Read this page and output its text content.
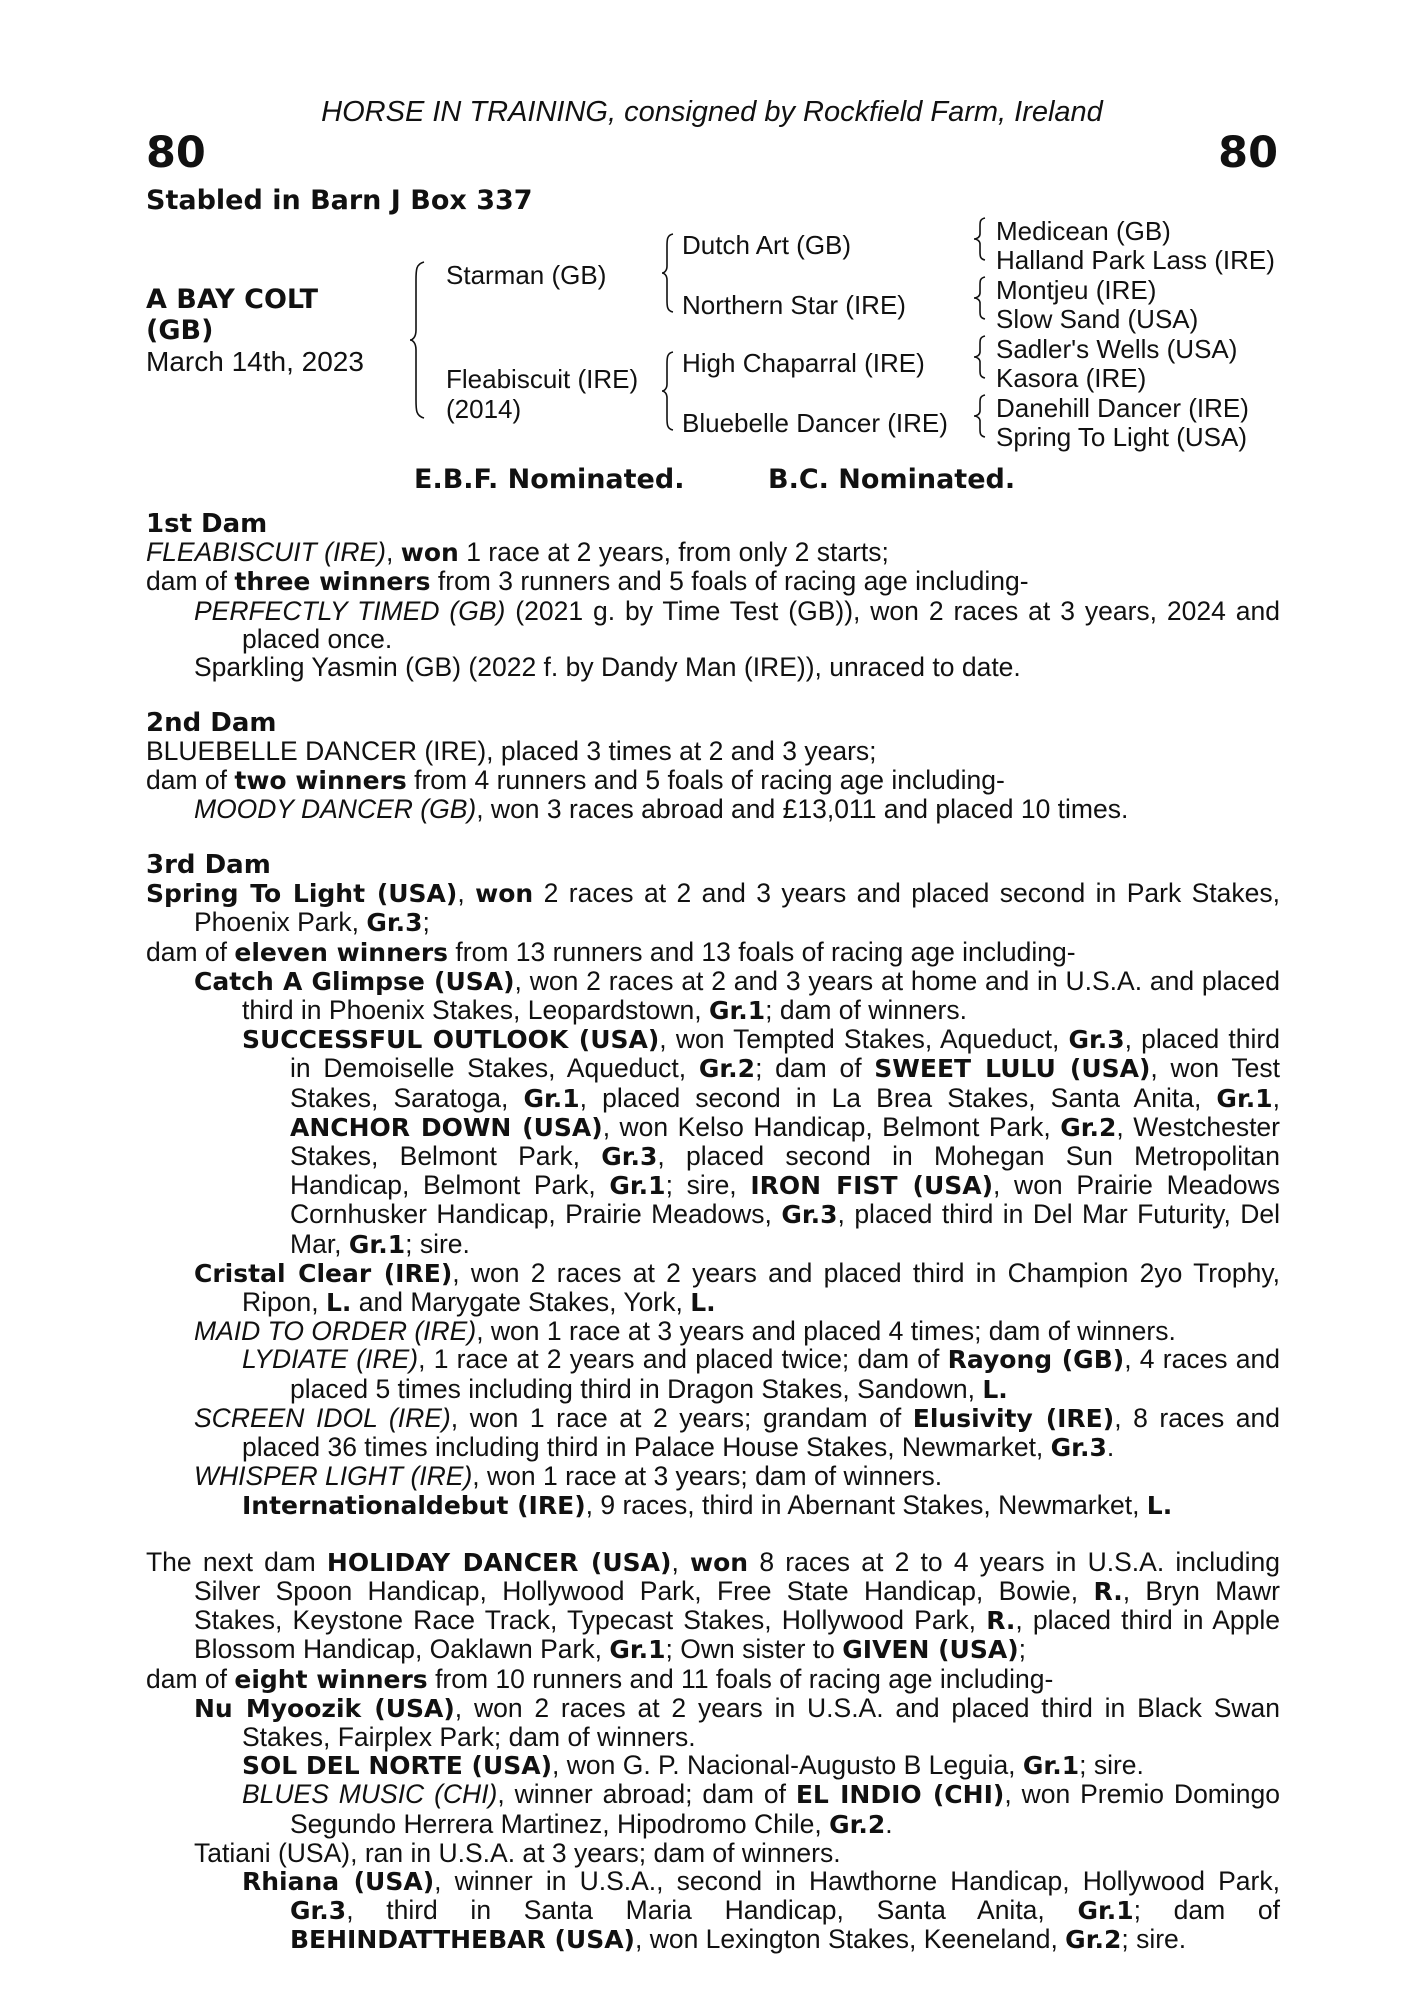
HORSE IN TRAINING, consigned by Rockfield Farm, Ireland
80	80
Stabled in Barn J Box 337
A BAY COLT
(GB)
March 14th, 2023
Starman (GB)
Fleabiscuit (IRE)
(2014)
Dutch Art (GB)
Northern Star (IRE)
High Chaparral (IRE)
Bluebelle Dancer (IRE)
Medicean (GB)
Halland Park Lass (IRE)
Montjeu (IRE)
Slow Sand (USA)
Sadler's Wells (USA)
Kasora (IRE)
Danehill Dancer (IRE)
Spring To Light (USA)
E.B.F. Nominated.	B.C. Nominated.
1st Dam

FLEABISCUIT (IRE), won 1 race at 2 years, from only 2 starts;

dam of three winners from 3 runners and 5 foals of racing age including-

PERFECTLY TIMED (GB) (2021 g. by Time Test (GB)), won 2 races at 3 years, 2024 and placed once.

Sparkling Yasmin (GB) (2022 f. by Dandy Man (IRE)), unraced to date.

2nd Dam

BLUEBELLE DANCER (IRE), placed 3 times at 2 and 3 years;

dam of two winners from 4 runners and 5 foals of racing age including-

MOODY DANCER (GB), won 3 races abroad and £13,011 and placed 10 times.

3rd Dam

Spring To Light (USA), won 2 races at 2 and 3 years and placed second in Park Stakes, Phoenix Park, Gr.3;

dam of eleven winners from 13 runners and 13 foals of racing age including-

Catch A Glimpse (USA), won 2 races at 2 and 3 years at home and in U.S.A. and placed third in Phoenix Stakes, Leopardstown, Gr.1; dam of winners.

SUCCESSFUL OUTLOOK (USA), won Tempted Stakes, Aqueduct, Gr.3, placed third in Demoiselle Stakes, Aqueduct, Gr.2; dam of SWEET LULU (USA), won Test Stakes, Saratoga, Gr.1, placed second in La Brea Stakes, Santa Anita, Gr.1, ANCHOR DOWN (USA), won Kelso Handicap, Belmont Park, Gr.2, Westchester Stakes, Belmont Park, Gr.3, placed second in Mohegan Sun Metropolitan Handicap, Belmont Park, Gr.1; sire, IRON FIST (USA), won Prairie Meadows Cornhusker Handicap, Prairie Meadows, Gr.3, placed third in Del Mar Futurity, Del Mar, Gr.1; sire.

Cristal Clear (IRE), won 2 races at 2 years and placed third in Champion 2yo Trophy, Ripon, L. and Marygate Stakes, York, L.

MAID TO ORDER (IRE), won 1 race at 3 years and placed 4 times; dam of winners.

LYDIATE (IRE), 1 race at 2 years and placed twice; dam of Rayong (GB), 4 races and placed 5 times including third in Dragon Stakes, Sandown, L.

SCREEN IDOL (IRE), won 1 race at 2 years; grandam of Elusivity (IRE), 8 races and placed 36 times including third in Palace House Stakes, Newmarket, Gr.3.

WHISPER LIGHT (IRE), won 1 race at 3 years; dam of winners.

Internationaldebut (IRE), 9 races, third in Abernant Stakes, Newmarket, L.

The next dam HOLIDAY DANCER (USA), won 8 races at 2 to 4 years in U.S.A. including Silver Spoon Handicap, Hollywood Park, Free State Handicap, Bowie, R., Bryn Mawr Stakes, Keystone Race Track, Typecast Stakes, Hollywood Park, R., placed third in Apple Blossom Handicap, Oaklawn Park, Gr.1; Own sister to GIVEN (USA);

dam of eight winners from 10 runners and 11 foals of racing age including-

Nu Myoozik (USA), won 2 races at 2 years in U.S.A. and placed third in Black Swan Stakes, Fairplex Park; dam of winners.

SOL DEL NORTE (USA), won G. P. Nacional-Augusto B Leguia, Gr.1; sire.

BLUES MUSIC (CHI), winner abroad; dam of EL INDIO (CHI), won Premio Domingo Segundo Herrera Martinez, Hipodromo Chile, Gr.2.

Tatiani (USA), ran in U.S.A. at 3 years; dam of winners.

Rhiana (USA), winner in U.S.A., second in Hawthorne Handicap, Hollywood Park, Gr.3, third in Santa Maria Handicap, Santa Anita, Gr.1; dam of BEHINDATTHEBAR (USA), won Lexington Stakes, Keeneland, Gr.2; sire.
